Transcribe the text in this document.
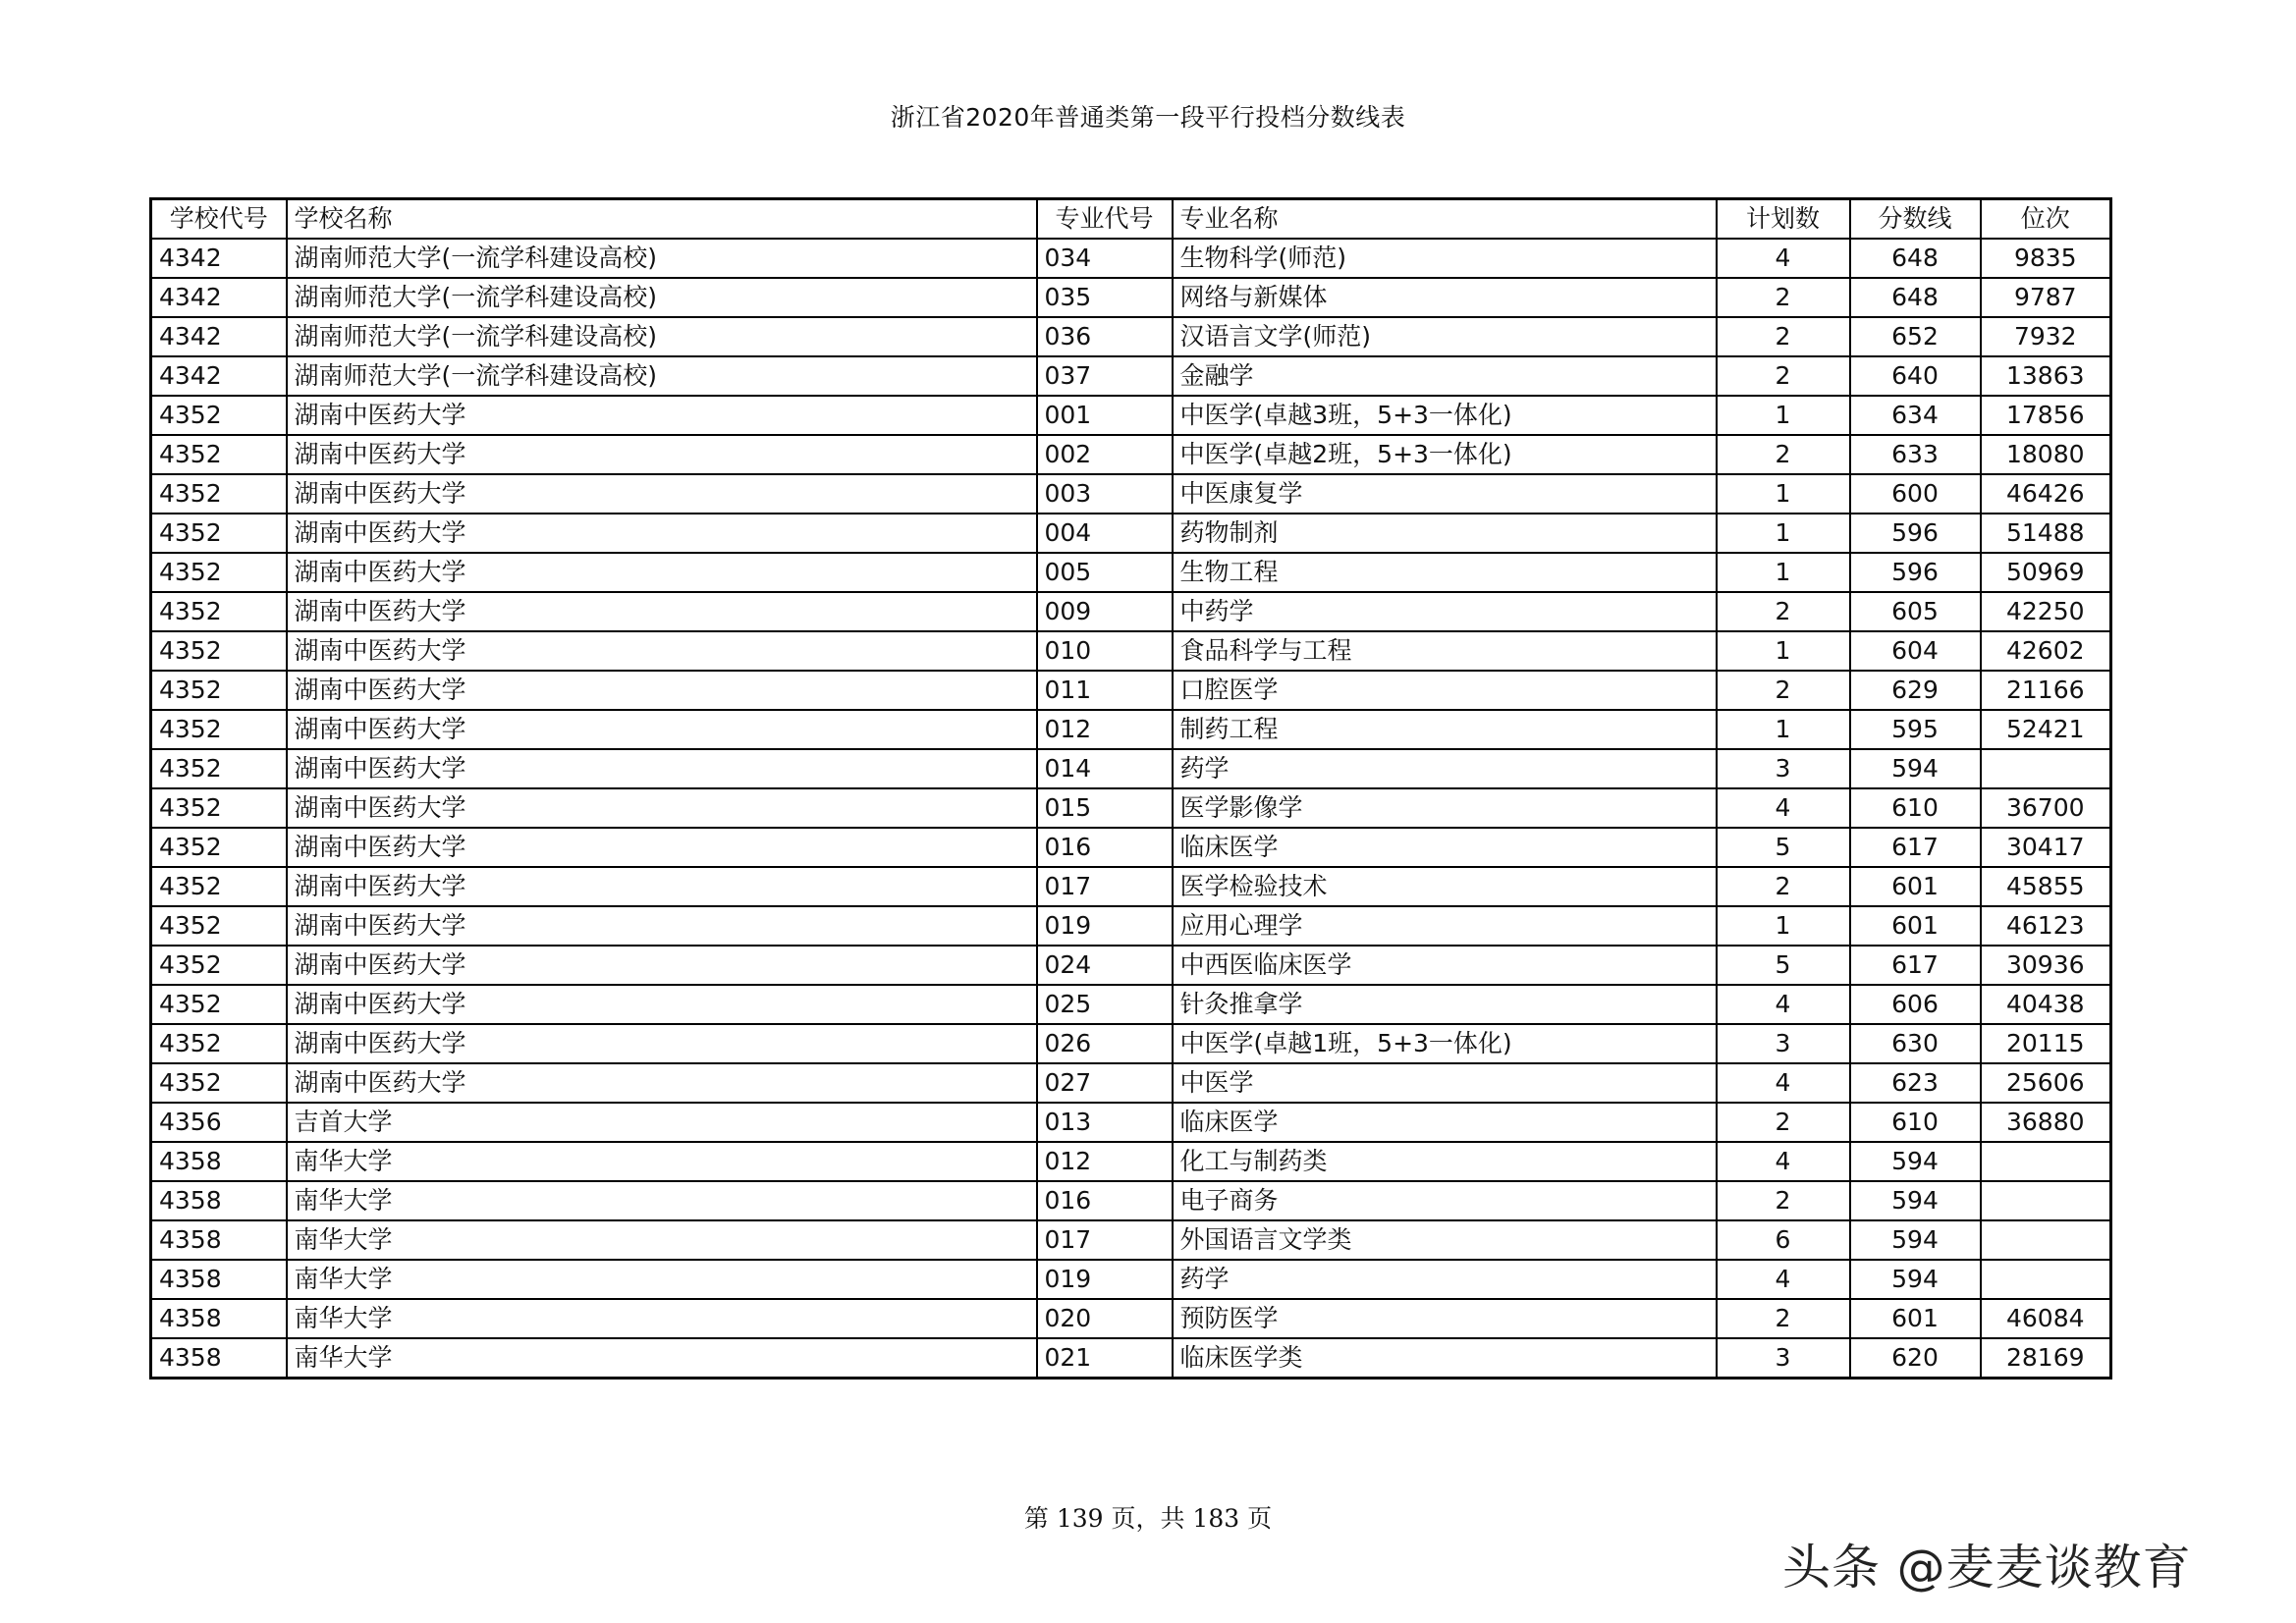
浙江省2020年普通类第一段平行投档分数线表
学校代号	学校名称	专业代号	专业名称	计划数	分数线	位次
4342	湖南师范大学(一流学科建设高校)	034	生物科学(师范)	4	648	9835
4342	湖南师范大学(一流学科建设高校)	035	网络与新媒体	2	648	9787
4342	湖南师范大学(一流学科建设高校)	036	汉语言文学(师范)	2	652	7932
4342	湖南师范大学(一流学科建设高校)	037	金融学	2	640	13863
4352	湖南中医药大学	001	中医学(卓越3班，5+3一体化)	1	634	17856
4352	湖南中医药大学	002	中医学(卓越2班，5+3一体化)	2	633	18080
4352	湖南中医药大学	003	中医康复学	1	600	46426
4352	湖南中医药大学	004	药物制剂	1	596	51488
4352	湖南中医药大学	005	生物工程	1	596	50969
4352	湖南中医药大学	009	中药学	2	605	42250
4352	湖南中医药大学	010	食品科学与工程	1	604	42602
4352	湖南中医药大学	011	口腔医学	2	629	21166
4352	湖南中医药大学	012	制药工程	1	595	52421
4352	湖南中医药大学	014	药学	3	594	
4352	湖南中医药大学	015	医学影像学	4	610	36700
4352	湖南中医药大学	016	临床医学	5	617	30417
4352	湖南中医药大学	017	医学检验技术	2	601	45855
4352	湖南中医药大学	019	应用心理学	1	601	46123
4352	湖南中医药大学	024	中西医临床医学	5	617	30936
4352	湖南中医药大学	025	针灸推拿学	4	606	40438
4352	湖南中医药大学	026	中医学(卓越1班，5+3一体化)	3	630	20115
4352	湖南中医药大学	027	中医学	4	623	25606
4356	吉首大学	013	临床医学	2	610	36880
4358	南华大学	012	化工与制药类	4	594	
4358	南华大学	016	电子商务	2	594	
4358	南华大学	017	外国语言文学类	6	594	
4358	南华大学	019	药学	4	594	
4358	南华大学	020	预防医学	2	601	46084
4358	南华大学	021	临床医学类	3	620	28169
第 139 页，共 183 页
头条 @麦麦谈教育
